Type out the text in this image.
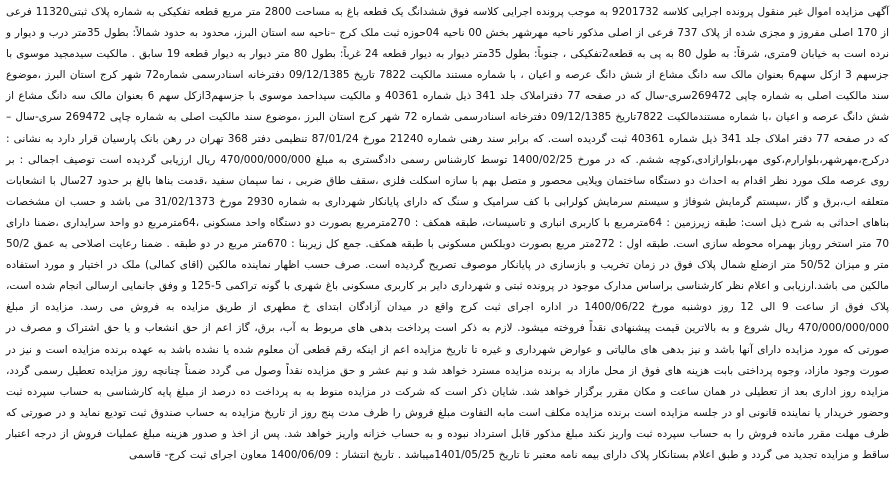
آگهی مزایده اموال غیر منقول پرونده اجرایی کلاسه 9201732 به موجب پرونده اجرایی کلاسه فوق ششدانگ یک قطعه باغ به مساحت 2800 متر مربع قطعه تفکیکی به شماره پلاک ثبتی11320 فرعی از 170 اصلی مفروز و مجزی شده از پلاک 737 فرعی از اصلی مذکور ناحیه مهرشهر بخش 00 ناحیه 04حوزه ثبت ملک کرج –ناحیه سه استان البرز، محدود به حدود شمالاً: بطول 35متر درب و دیوار و نرده است به خیابان 9متری، شرقاً: به طول 80 به پی به قطعه2تفکیکی ، جنوباً: بطول 35متر دیوار به دیوار قطعه 24 غرباً: بطول 80 متر دیوار به دیوار قطعه 19 سابق . مالکیت سیدمجید موسوی با جزسهم 3 ازکل سهم6 بعنوان مالک سه دانگ مشاع از شش دانگ عرصه و اعیان ، با شماره مستند مالکیت 7822 تاریخ 09/12/1385 دفترخانه اسنادرسمی شماره72 شهر کرج استان البرز ،موضوع سند مالکیت اصلی به شماره چاپی 269472سری-سال که در صفحه 77 دفتراملاک جلد 341 ذیل شماره 40361 و مالکیت سیداحمد موسوی با جزسهم3ازکل سهم 6 بعنوان مالک سه دانگ مشاع از شش دانگ عرصه و اعیان ،با شماره مستندمالکیت 7822تاریخ 09/12/1385 دفترخانه اسنادرسمی شماره 72 شهر کرج استان البرز ،موضوع سند مالکیت اصلی به شماره چاپی 269472 سری-سال – که در صفحه 77 دفتر املاک جلد 341 ذیل شماره 40361 ثبت گردیده است. که برابر سند رهنی شماره 21240 مورخ 87/01/24 تنظیمی دفتر 368 تهران در رهن بانک پارسیان قرار دارد به نشانی : درکرج،مهرشهر،بلوارارم،کوی مهر،بلوارازادی،کوچه ششم. که در مورخ 1400/02/25 توسط کارشناس رسمی دادگستری به مبلغ 470/000/000/000 ریال ارزیابی گردیده است توصیف اجمالی : بر روی عرصه ملک مورد نظر اقدام به احداث دو دستگاه ساختمان ویلایی محصور و متصل بهم با سازه اسکلت فلزی ،سقف طاق ضربی ، نما سیمان سفید ،قدمت بناها بالغ بر حدود 27سال با انشعابات متعلقه اب،برق و گاز ،سیستم گرمایش شوفاژ و سیستم سرمایش کولرابی با کف سرامیک و سنگ که دارای پایانکار شهرداری به شماره 2930 مورخ 31/02/1373 می باشد و حسب ان مشخصات بناهای احداثی به شرح ذیل است: طبقه زیرزمین : 64مترمربع با کاربری انباری و تاسیسات، طبقه همکف : 270مترمربع بصورت دو دستگاه واحد مسکونی ،64مترمربع دو واحد سرایداری ،ضمنا دارای 70 متر استخر روباز بهمراه محوطه سازی است. طبقه اول : 272متر مربع بصورت دوبلکس مسکونی با طبقه همکف. جمع کل زیربنا : 670متر مربع در دو طبقه . ضمنا رعایت اصلاحی به عمق 50/2 متر و میزان 50/52 متر ازضلع شمال پلاک فوق در زمان تخریب و بازسازی در پایانکار موصوف تصریح گردیده است. صرف حسب اظهار نماینده مالکین (اقای کمالی) ملک در اختیار و مورد استفاده مالکین می باشد.ارزیابی و اعلام نظر کارشناسی براساس مدارک موجود در پرونده ثبتی و شهرداری دایر بر کاربری مسکونی باغ شهری با گونه تراکمی 5-125 و وفق جانمایی ارسالی انجام شده است، پلاک فوق از ساعت 9 الی 12 روز دوشنبه مورخ 1400/06/22 در اداره اجرای ثبت کرج واقع در میدان آزادگان ابتدای خ مطهری از طریق مزایده به فروش می رسد. مزایده از مبلغ 470/000/000/000 ریال شروع و به بالاترین قیمت پیشنهادی نقداً فروخته میشود. لازم به ذکر است پرداخت بدهی های مربوط به آب، برق، گاز اعم از حق انشعاب و یا حق اشتراک و مصرف در صورتی که مورد مزایده دارای آنها باشد و نیز بدهی های مالیاتی و عوارض شهرداری و غیره تا تاریخ مزایده اعم از اینکه رقم قطعی آن معلوم شده یا نشده باشد به عهده برنده مزایده است و نیز در صورت وجود مازاد، وجوه پرداختی بابت هزینه های فوق از محل مازاد به برنده مزایده مسترد خواهد شد و نیم عشر و حق مزایده نقداً وصول می گردد ضمناً چنانچه روز مزایده تعطیل رسمی گردد، مزایده روز اداری بعد از تعطیلی در همان ساعت و مکان مقرر برگزار خواهد شد. شایان ذکر است که شرکت در مزایده منوط به به پرداخت ده درصد از مبلغ پایه کارشناسی به حساب سپرده ثبت وحضور خریدار یا نماینده قانونی او در جلسه مزایده است برنده مزایده مکلف است مابه التفاوت مبلغ فروش را ظرف مدت پنج روز از تاریخ مزایده به حساب صندوق ثبت تودیع نماید و در صورتی که ظرف مهلت مقرر مانده فروش را به حساب سپرده ثبت واریز نکند مبلغ مذکور قابل استرداد نبوده و به حساب خزانه واریز خواهد شد. پس از اخذ و صدور هزینه مبلغ عملیات فروش از درجه اعتبار ساقط و مزایده تجدید می گردد و طبق اعلام بستانکار پلاک دارای بیمه نامه معتبر تا تاریخ 1401/05/25میباشد . تاریخ انتشار : 1400/06/09 معاون اجرای ثبت کرج- قاسمی
